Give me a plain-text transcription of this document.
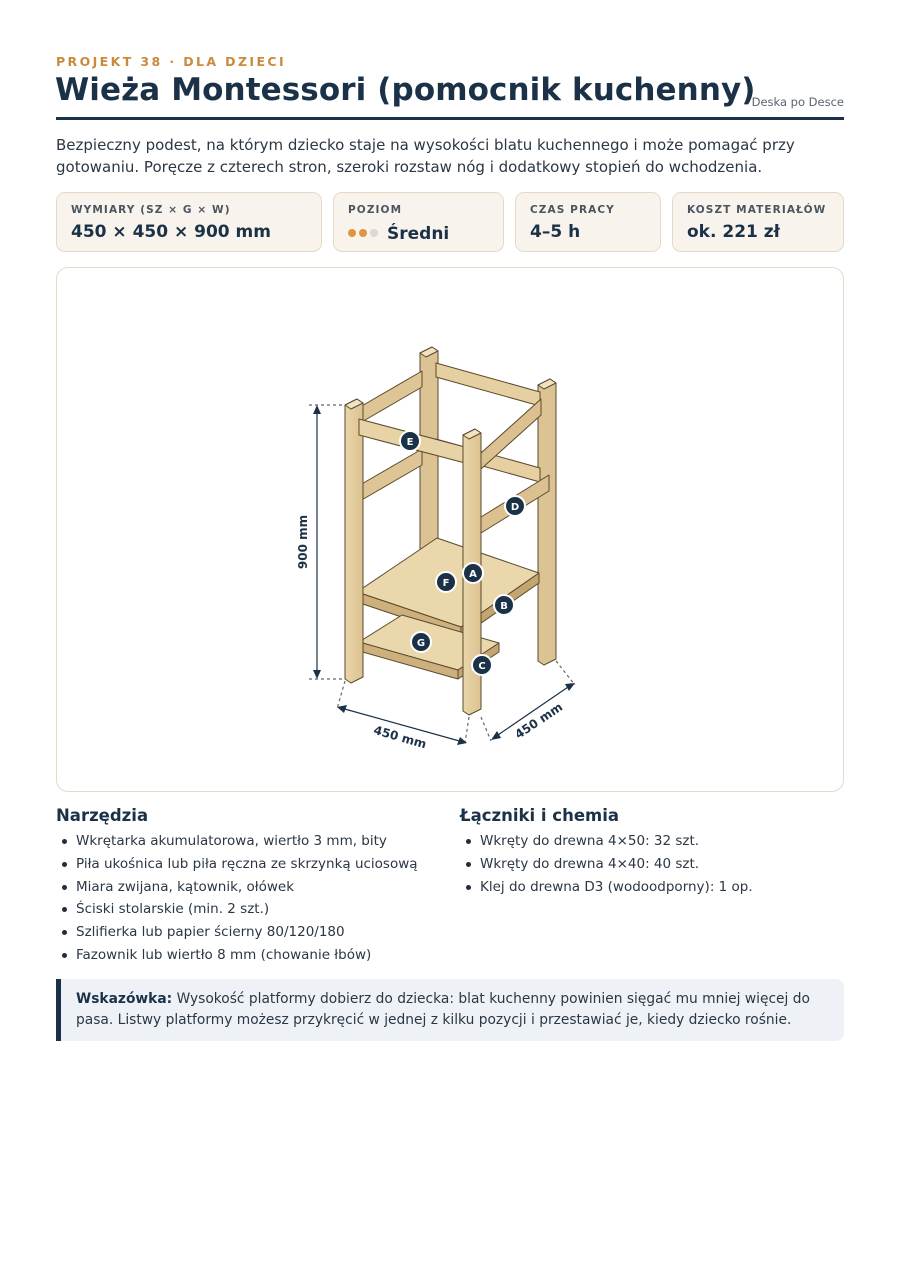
PROJEKT 38 · DLA DZIECI
Wieża Montessori (pomocnik kuchenny)
Deska po Desce

Bezpieczny podest, na którym dziecko staje na wysokości blatu kuchennego i może pomagać przy gotowaniu. Poręcze z czterech stron, szeroki rozstaw nóg i dodatkowy stopień do wchodzenia.

WYMIARY (SZ × G × W)
450 × 450 × 900 mm
POZIOM
Średni
CZAS PRACY
4–5 h
KOSZT MATERIAŁÓW
ok. 221 zł
900 mm
450 mm	450 mm
E
D
A
F
B
G
C
Narzędzia
Wkrętarka akumulatorowa, wiertło 3 mm, bity
Piła ukośnica lub piła ręczna ze skrzynką uciosową
Miara zwijana, kątownik, ołówek
Ściski stolarskie (min. 2 szt.)
Szlifierka lub papier ścierny 80/120/180
Fazownik lub wiertło 8 mm (chowanie łbów)
Łączniki i chemia
Wkręty do drewna 4×50: 32 szt.
Wkręty do drewna 4×40: 40 szt.
Klej do drewna D3 (wodoodporny): 1 op.
Wskazówka: Wysokość platformy dobierz do dziecka: blat kuchenny powinien sięgać mu mniej więcej do pasa. Listwy platformy możesz przykręcić w jednej z kilku pozycji i przestawiać je, kiedy dziecko rośnie.
